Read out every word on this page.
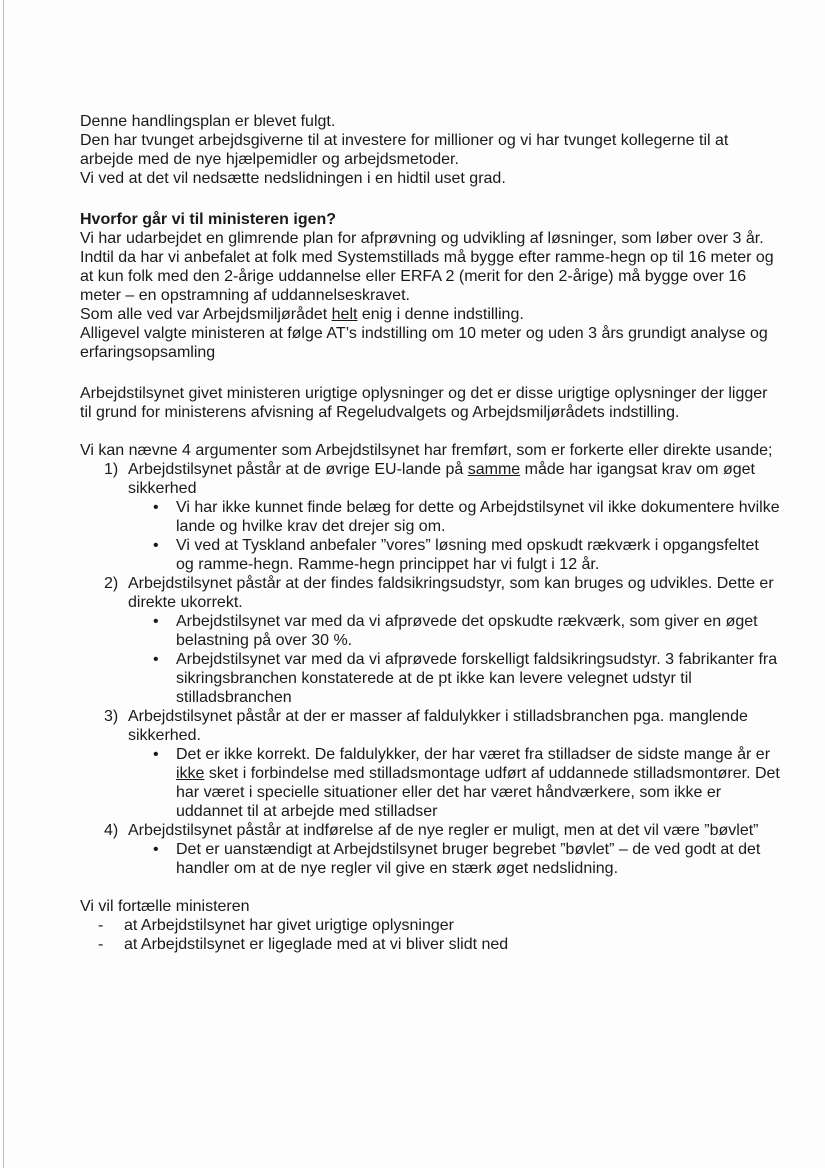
Denne handlingsplan er blevet fulgt.

Den har tvunget arbejdsgiverne til at investere for millioner og vi har tvunget kollegerne til at arbejde med de nye hjælpemidler og arbejdsmetoder.

Vi ved at det vil nedsætte nedslidningen i en hidtil uset grad.

Hvorfor går vi til ministeren igen?

Vi har udarbejdet en glimrende plan for afprøvning og udvikling af løsninger, som løber over 3 år.

Indtil da har vi anbefalet at folk med Systemstillads må bygge efter ramme-hegn op til 16 meter og at kun folk med den 2-årige uddannelse eller ERFA 2 (merit for den 2-årige) må bygge over 16 meter – en opstramning af uddannelseskravet.

Som alle ved var Arbejdsmiljørådet helt enig i denne indstilling.

Alligevel valgte ministeren at følge AT’s indstilling om 10 meter og uden 3 års grundigt analyse og erfaringsopsamling

Arbejdstilsynet givet ministeren urigtige oplysninger og det er disse urigtige oplysninger der ligger til grund for ministerens afvisning af Regeludvalgets og Arbejdsmiljørådets indstilling.

Vi kan nævne 4 argumenter som Arbejdstilsynet har fremført, som er forkerte eller direkte usande;

1) Arbejdstilsynet påstår at de øvrige EU-lande på samme måde har igangsat krav om øget sikkerhed
• Vi har ikke kunnet finde belæg for dette og Arbejdstilsynet vil ikke dokumentere hvilke lande og hvilke krav det drejer sig om.
• Vi ved at Tyskland anbefaler ”vores” løsning med opskudt rækværk i opgangsfeltet og ramme-hegn. Ramme-hegn princippet har vi fulgt i 12 år.
2) Arbejdstilsynet påstår at der findes faldsikringsudstyr, som kan bruges og udvikles. Dette er direkte ukorrekt.
• Arbejdstilsynet var med da vi afprøvede det opskudte rækværk, som giver en øget belastning på over 30 %.
• Arbejdstilsynet var med da vi afprøvede forskelligt faldsikringsudstyr. 3 fabrikanter fra sikringsbranchen konstaterede at de pt ikke kan levere velegnet udstyr til stilladsbranchen
3) Arbejdstilsynet påstår at der er masser af faldulykker i stilladsbranchen pga. manglende sikkerhed.
• Det er ikke korrekt. De faldulykker, der har været fra stilladser de sidste mange år er ikke sket i forbindelse med stilladsmontage udført af uddannede stilladsmontører. Det har været i specielle situationer eller det har været håndværkere, som ikke er uddannet til at arbejde med stilladser
4) Arbejdstilsynet påstår at indførelse af de nye regler er muligt, men at det vil være ”bøvlet”
• Det er uanstændigt at Arbejdstilsynet bruger begrebet ”bøvlet” – de ved godt at det handler om at de nye regler vil give en stærk øget nedslidning.

Vi vil fortælle ministeren

- at Arbejdstilsynet har givet urigtige oplysninger
- at Arbejdstilsynet er ligeglade med at vi bliver slidt ned
